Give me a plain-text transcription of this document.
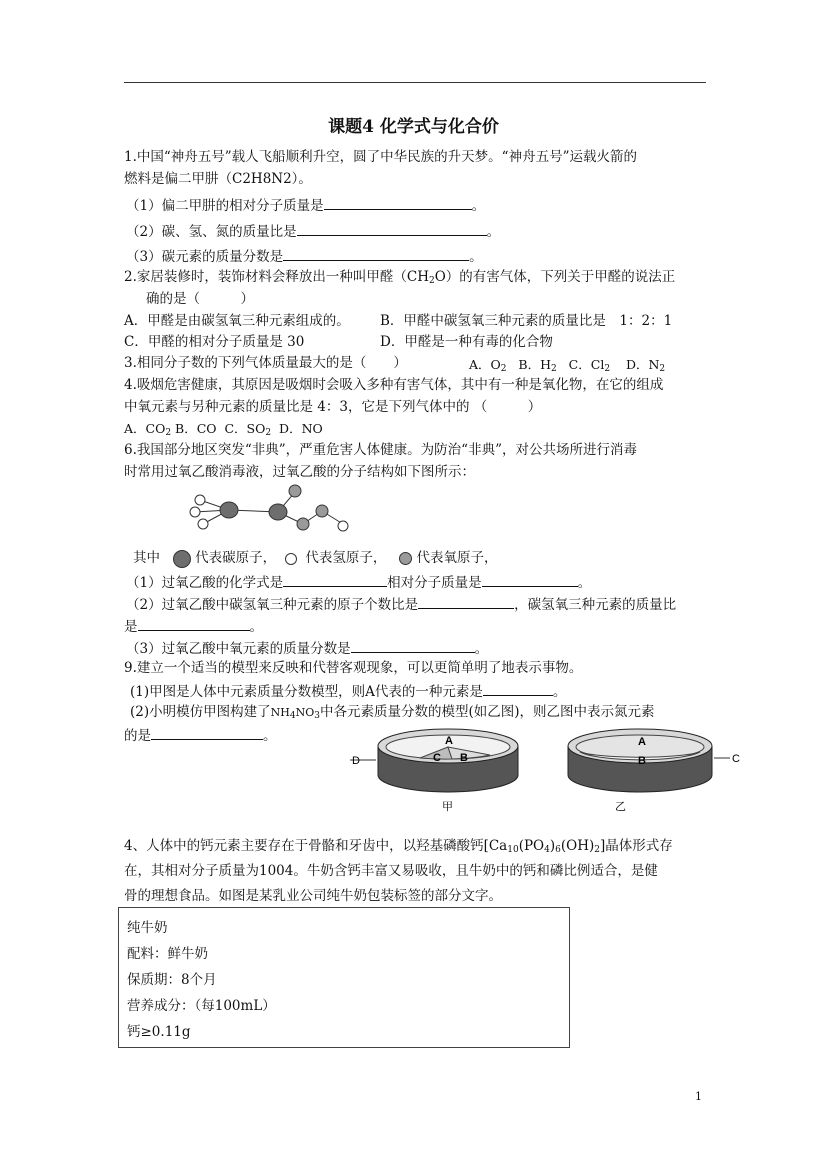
课题4 化学式与化合价
1.中国“神舟五号”载人飞船顺利升空，圆了中华民族的升天梦。“神舟五号”运载火箭的
燃料是偏二甲肼（C2H8N2）。
（1）偏二甲肼的相对分子质量是	。
（2）碳、氢、氮的质量比是	。
（3）碳元素的质量分数是	。
2.家居装修时，装饰材料会释放出一种叫甲醛$(CH_2O)$的有害气体，下列关于甲醛的说法正
确的是（　　　）
A．甲醛是由碳氢氧三种元素组成的。 B．甲醛中碳氢氧三种元素的质量比是　1：2：1
C．甲醛的相对分子质量是 30	D．甲醛是一种有毒的化合物
3.相同分子数的下列气体质量最大的是（　　）	A．$O_2$   B．$H_2$   C．$Cl_2$    D．$N_2$
4.吸烟危害健康，其原因是吸烟时会吸入多种有害气体，其中有一种是氧化物，在它的组成
中氧元素与另种元素的质量比是 4：3，它是下列气体中的 （　　　）
A．$CO_2$ B．CO  C．$SO_2$  D．NO
6.我国部分地区突发“非典”，严重危害人体健康。为防治“非典”，对公共场所进行消毒
时常用过氧乙酸消毒液，过氧乙酸的分子结构如下图所示：
其中	代表碳原子， 代表氢原子， 代表氧原子，
（1）过氧乙酸的化学式是	相对分子质量是	。
（2）过氧乙酸中碳氢氧三种元素的原子个数比是	，碳氢氧三种元素的质量比
是	。
（3）过氧乙酸中氧元素的质量分数是	。
9.建立一个适当的模型来反映和代替客观现象，可以更简单明了地表示事物。
(1)甲图是人体中元素质量分数模型，则A代表的一种元素是	。
(2)小明模仿甲图构建了$NH_4NO_3$中各元素质量分数的模型(如乙图)，则乙图中表示氮元素
的是	。	A
C B
D
甲
A
B	C
乙
4、人体中的钙元素主要存在于骨骼和牙齿中，以羟基磷酸钙$[Ca_{10}(PO_4)_6(OH)_2]$晶体形式存
在，其相对分子质量为1004。牛奶含钙丰富又易吸收，且牛奶中的钙和磷比例适合，是健
骨的理想食品。如图是某乳业公司纯牛奶包装标签的部分文字。
纯牛奶
配料：鲜牛奶
保质期：8个月
营养成分：（每100mL）
钙≥0.11g
1
